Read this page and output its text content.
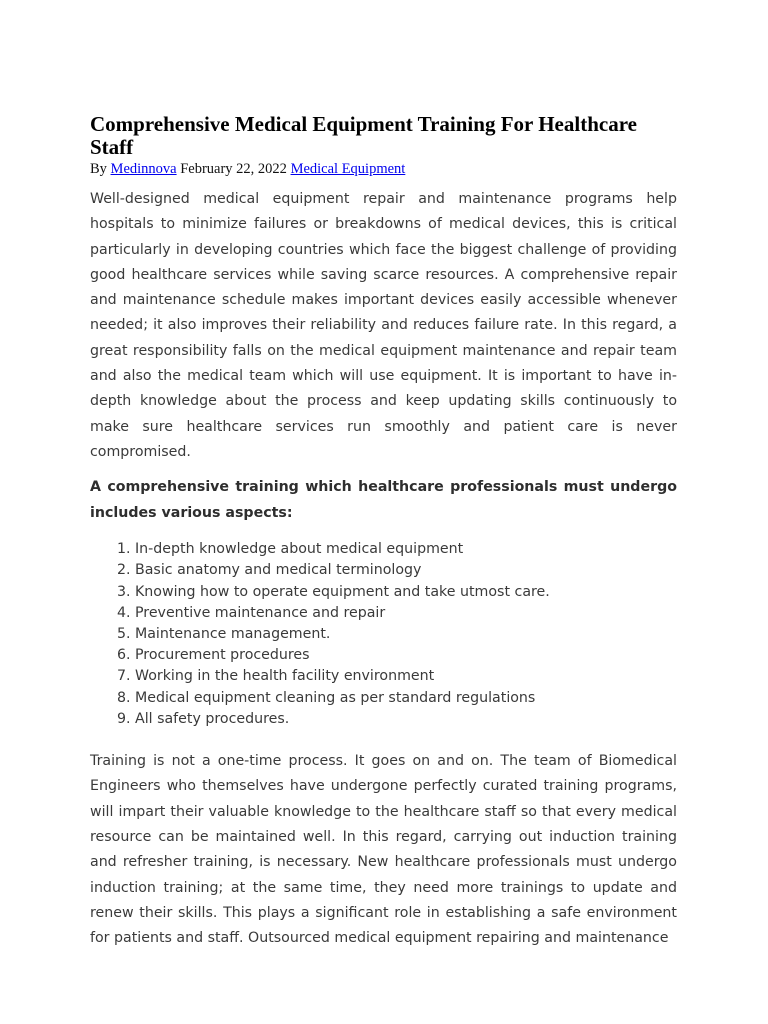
Comprehensive Medical Equipment Training For Healthcare Staff
By Medinnova February 22, 2022 Medical Equipment

Well-designed medical equipment repair and maintenance programs help hospitals to minimize failures or breakdowns of medical devices, this is critical particularly in developing countries which face the biggest challenge of providing good healthcare services while saving scarce resources. A comprehensive repair and maintenance schedule makes important devices easily accessible whenever needed; it also improves their reliability and reduces failure rate. In this regard, a great responsibility falls on the medical equipment maintenance and repair team and also the medical team which will use equipment. It is important to have in-depth knowledge about the process and keep updating skills continuously to make sure healthcare services run smoothly and patient care is never compromised.

A comprehensive training which healthcare professionals must undergo includes various aspects:

1. In-depth knowledge about medical equipment
2. Basic anatomy and medical terminology
3. Knowing how to operate equipment and take utmost care.
4. Preventive maintenance and repair
5. Maintenance management.
6. Procurement procedures
7. Working in the health facility environment
8. Medical equipment cleaning as per standard regulations
9. All safety procedures.

Training is not a one-time process. It goes on and on. The team of Biomedical Engineers who themselves have undergone perfectly curated training programs, will impart their valuable knowledge to the healthcare staff so that every medical resource can be maintained well. In this regard, carrying out induction training and refresher training, is necessary. New healthcare professionals must undergo induction training; at the same time, they need more trainings to update and renew their skills. This plays a significant role in establishing a safe environment for patients and staff. Outsourced medical equipment repairing and maintenance
